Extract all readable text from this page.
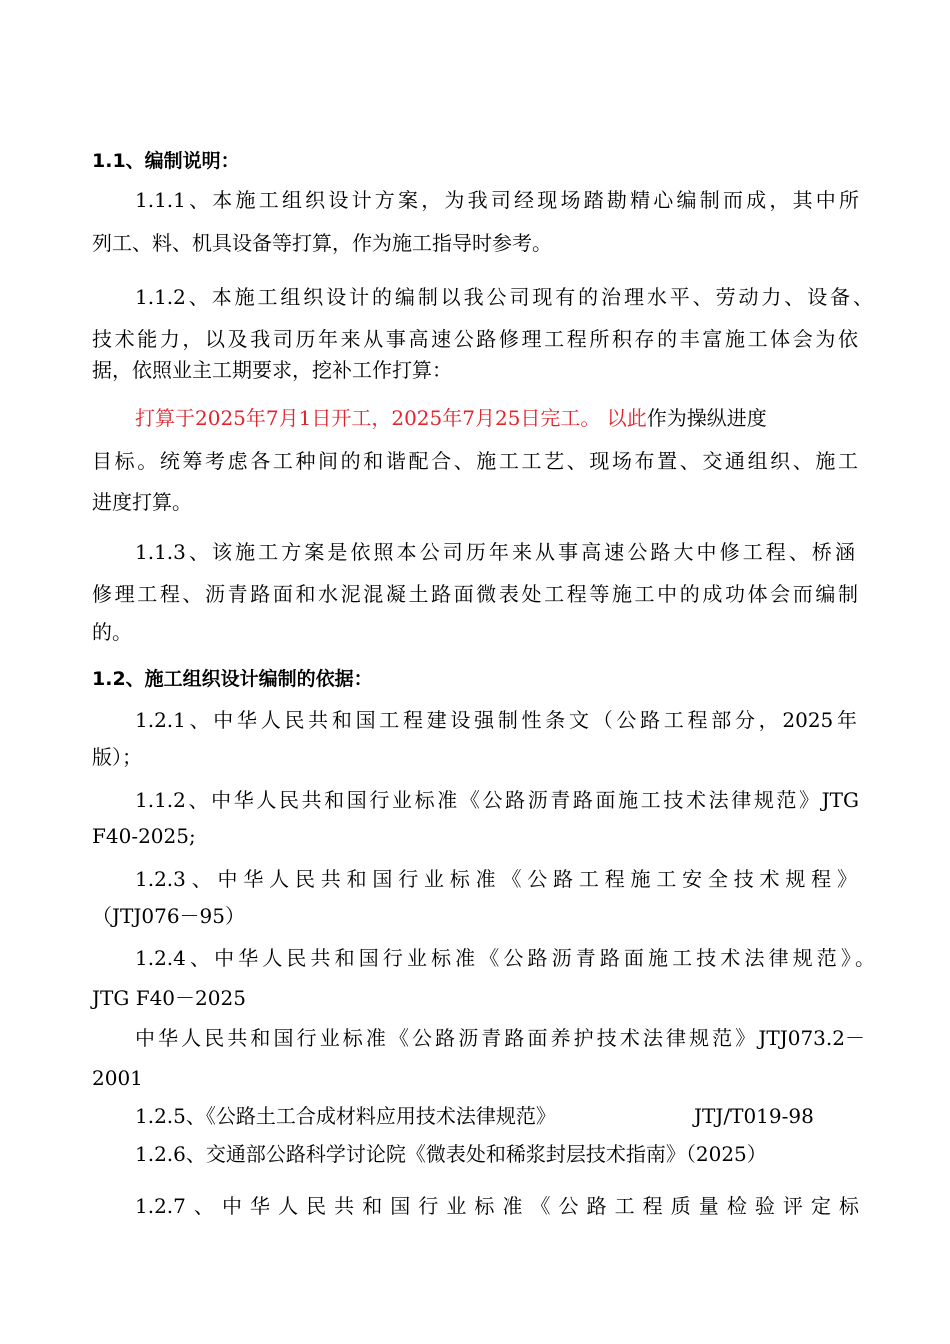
1.1、编制说明：
1.1.1、本施工组织设计方案，为我司经现场踏勘精心编制而成，其中所
列工、料、机具设备等打算，作为施工指导时参考。
1.1.2、本施工组织设计的编制以我公司现有的治理水平、劳动力、设备、
技术能力，以及我司历年来从事高速公路修理工程所积存的丰富施工体会为依
据，依照业主工期要求，挖补工作打算：
打算于2025年7月1日开工，2025年7月25日完工。 以此作为操纵进度
目标。统筹考虑各工种间的和谐配合、施工工艺、现场布置、交通组织、施工
进度打算。
1.1.3、该施工方案是依照本公司历年来从事高速公路大中修工程、桥涵
修理工程、沥青路面和水泥混凝土路面微表处工程等施工中的成功体会而编制
的。
1.2、施工组织设计编制的依据：
1.2.1、中华人民共和国工程建设强制性条文（公路工程部分，2025年
版）；
1.1.2、中华人民共和国行业标准《公路沥青路面施工技术法律规范》JTG
F40-2025;
1.2.3、中华人民共和国行业标准《公路工程施工安全技术规程》
（JTJ076－95）
1.2.4、中华人民共和国行业标准《公路沥青路面施工技术法律规范》。
JTG F40－2025
中华人民共和国行业标准《公路沥青路面养护技术法律规范》JTJ073.2－
2001
1.2.5、《公路土工合成材料应用技术法律规范》	JTJ/T019-98
1.2.6、交通部公路科学讨论院《微表处和稀浆封层技术指南》（2025）
1.2.7、中华人民共和国行业标准《公路工程质量检验评定标
